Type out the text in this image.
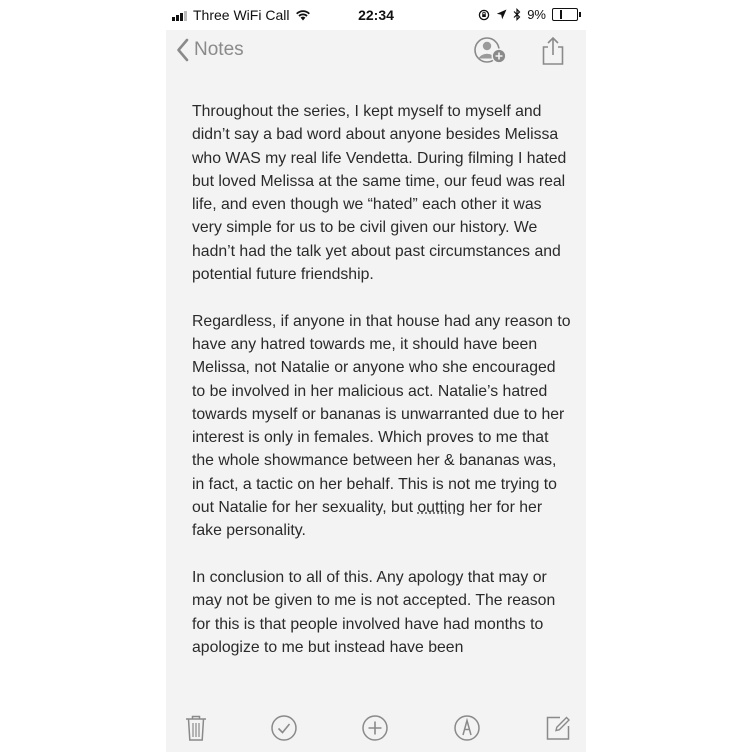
Three WiFi Call	22:34	9%
Notes

Throughout the series, I kept myself to myself and didn’t say a bad word about anyone besides Melissa who WAS my real life Vendetta. During filming I hated but loved Melissa at the same time, our feud was real life, and even though we “hated” each other it was very simple for us to be civil given our history. We hadn’t had the talk yet about past circumstances and potential future friendship.

Regardless, if anyone in that house had any reason to have any hatred towards me, it should have been Melissa, not Natalie or anyone who she encouraged to be involved in her malicious act. Natalie’s hatred towards myself or bananas is unwarranted due to her interest is only in females. Which proves to me that the whole showmance between her & bananas was, in fact, a tactic on her behalf. This is not me trying to out Natalie for her sexuality, but outting her for her fake personality.

In conclusion to all of this. Any apology that may or may not be given to me is not accepted. The reason for this is that people involved have had months to apologize to me but instead have been
